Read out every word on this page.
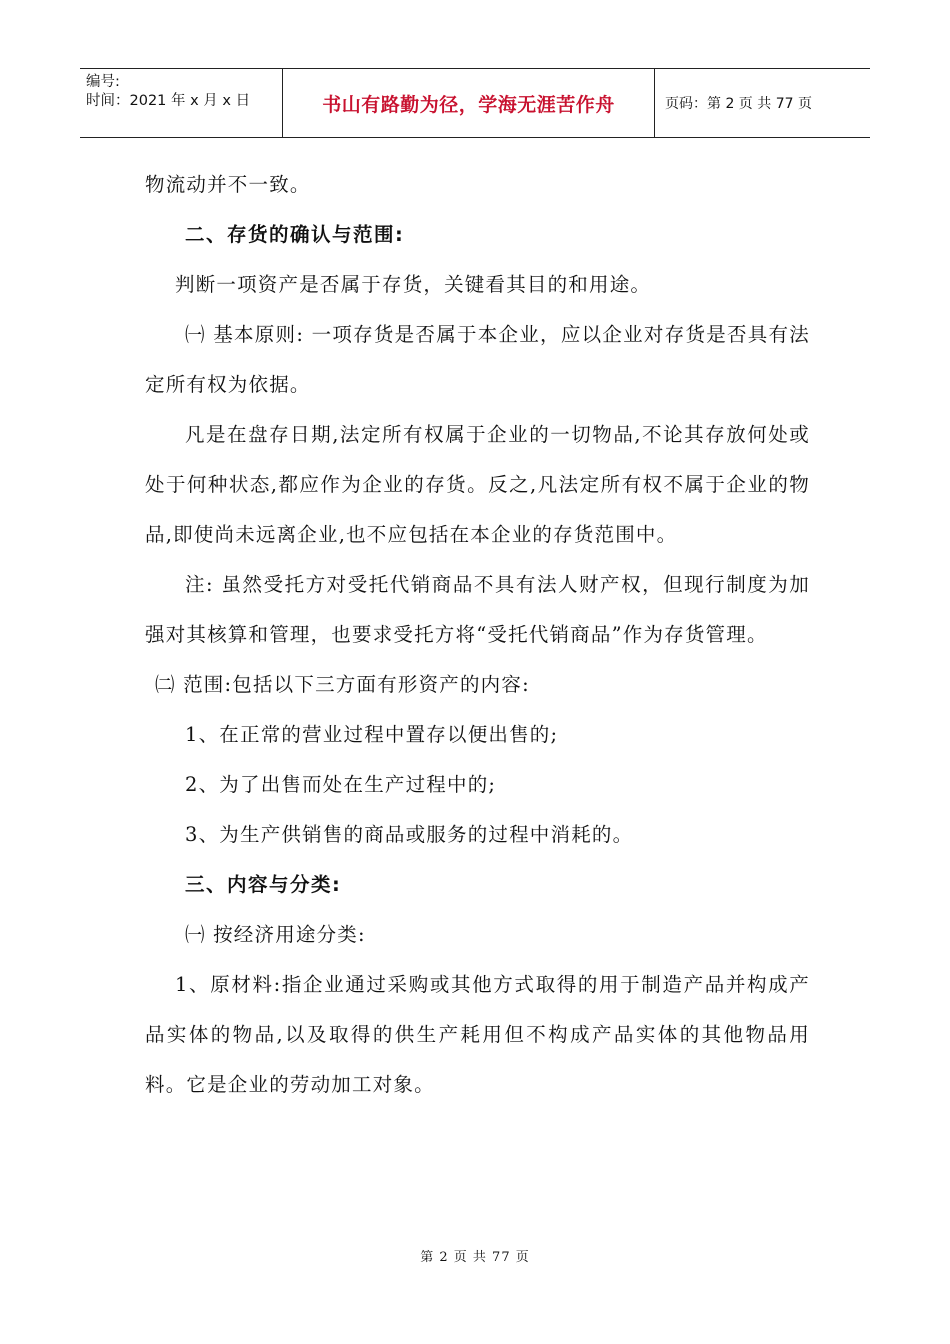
编号:
时间：2021 年 x 月 x 日	书山有路勤为径，学海无涯苦作舟	页码：第 2 页 共 77 页

物流动并不一致。

二、存货的确认与范围:

判断一项资产是否属于存货，关键看其目的和用途。

㈠ 基本原则: 一项存货是否属于本企业，应以企业对存货是否具有法定所有权为依据。

凡是在盘存日期,法定所有权属于企业的一切物品,不论其存放何处或处于何种状态,都应作为企业的存货。反之,凡法定所有权不属于企业的物品,即使尚未远离企业,也不应包括在本企业的存货范围中。

注: 虽然受托方对受托代销商品不具有法人财产权，但现行制度为加强对其核算和管理，也要求受托方将“受托代销商品”作为存货管理。

㈡ 范围:包括以下三方面有形资产的内容:

1、在正常的营业过程中置存以便出售的;

2、为了出售而处在生产过程中的;

3、为生产供销售的商品或服务的过程中消耗的。

三、内容与分类:

㈠ 按经济用途分类:

1、原材料:指企业通过采购或其他方式取得的用于制造产品并构成产品实体的物品,以及取得的供生产耗用但不构成产品实体的其他物品用料。它是企业的劳动加工对象。

第 2 页 共 77 页
